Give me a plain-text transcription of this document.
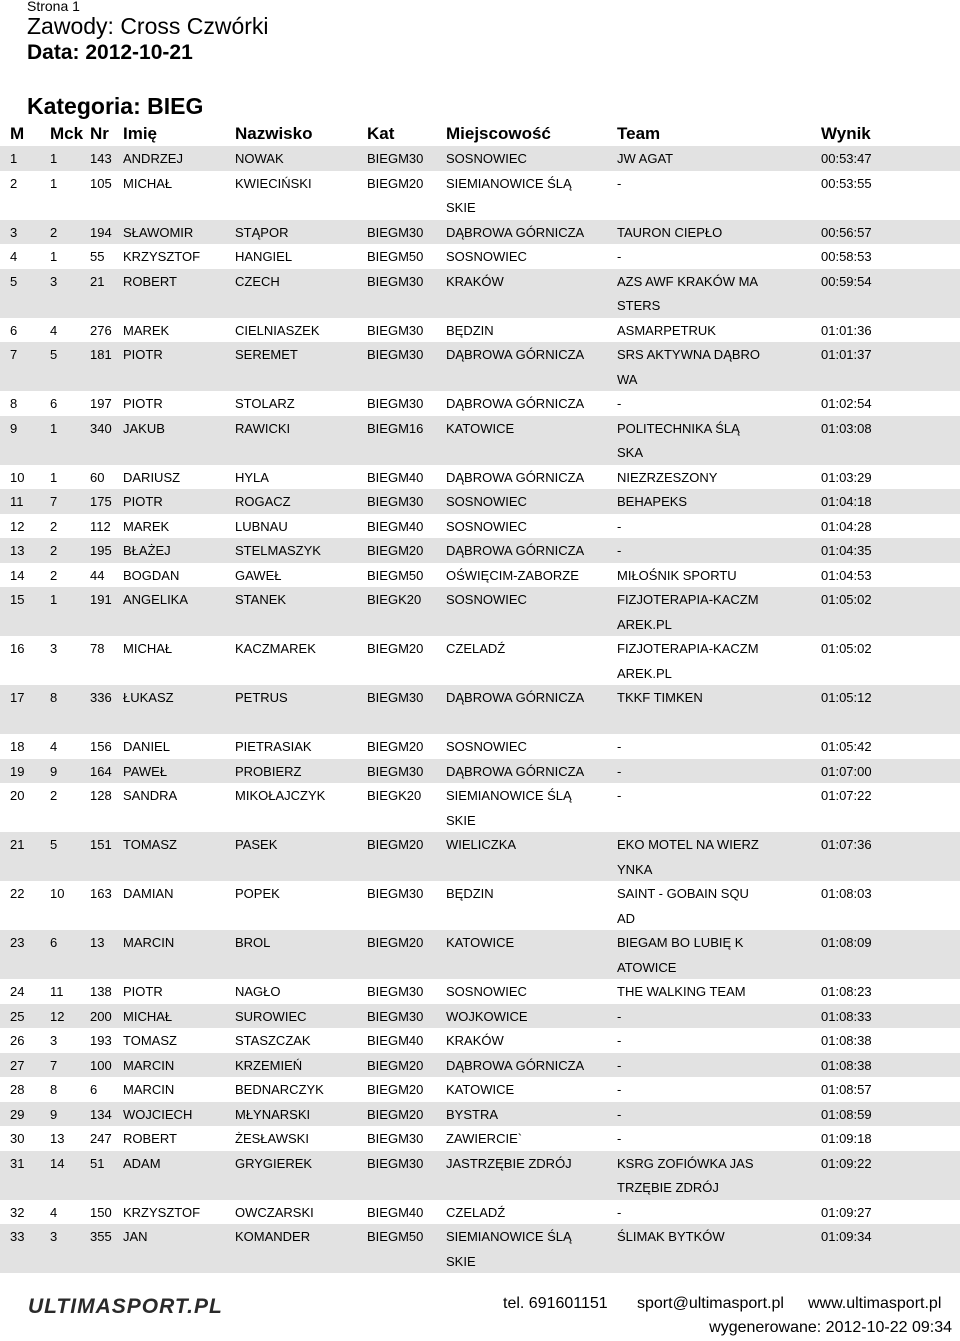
Strona 1
Zawody: Cross Czwórki
Data: 2012-10-21
Kategoria: BIEG
M Mck Nr Imię	Nazwisko	Kat	Miejscowość	Team	Wynik
1	1	143 ANDRZEJ	NOWAK	BIEGM30 SOSNOWIEC	JW AGAT	00:53:47
2	1	105 MICHAŁ	KWIECIŃSKI	BIEGM20 SIEMIANOWICE ŚLĄ	-	00:53:55
SKIE
3	2	194 SŁAWOMIR	STĄPOR	BIEGM30 DĄBROWA GÓRNICZA	TAURON CIEPŁO	00:56:57
4	1	55 KRZYSZTOF	HANGIEL	BIEGM50 SOSNOWIEC	-	00:58:53
5	3	21 ROBERT	CZECH	BIEGM30 KRAKÓW	AZS AWF KRAKÓW MA	00:59:54
STERS
6	4	276 MAREK	CIELNIASZEK	BIEGM30 BĘDZIN	ASMARPETRUK	01:01:36
7	5	181 PIOTR	SEREMET	BIEGM30 DĄBROWA GÓRNICZA	SRS AKTYWNA DĄBRO	01:01:37
WA
8	6	197 PIOTR	STOLARZ	BIEGM30 DĄBROWA GÓRNICZA	-	01:02:54
9	1	340 JAKUB	RAWICKI	BIEGM16 KATOWICE	POLITECHNIKA ŚLĄ	01:03:08
SKA
10 1	60 DARIUSZ	HYLA	BIEGM40 DĄBROWA GÓRNICZA	NIEZRZESZONY	01:03:29
11 7	175 PIOTR	ROGACZ	BIEGM30 SOSNOWIEC	BEHAPEKS	01:04:18
12 2	112 MAREK	LUBNAU	BIEGM40 SOSNOWIEC	-	01:04:28
13 2	195 BŁAŻEJ	STELMASZYK	BIEGM20 DĄBROWA GÓRNICZA	-	01:04:35
14 2	44 BOGDAN	GAWEŁ	BIEGM50 OŚWIĘCIM-ZABORZE	MIŁOŚNIK SPORTU	01:04:53
15 1	191 ANGELIKA	STANEK	BIEGK20 SOSNOWIEC	FIZJOTERAPIA-KACZM	01:05:02
AREK.PL
16 3	78 MICHAŁ	KACZMAREK	BIEGM20 CZELADŹ	FIZJOTERAPIA-KACZM	01:05:02
AREK.PL
17 8	336 ŁUKASZ	PETRUS	BIEGM30 DĄBROWA GÓRNICZA	TKKF TIMKEN	01:05:12
18 4	156 DANIEL	PIETRASIAK	BIEGM20 SOSNOWIEC	-	01:05:42
19 9	164 PAWEŁ	PROBIERZ	BIEGM30 DĄBROWA GÓRNICZA	-	01:07:00
20 2	128 SANDRA	MIKOŁAJCZYK	BIEGK20 SIEMIANOWICE ŚLĄ	-	01:07:22
SKIE
21 5	151 TOMASZ	PASEK	BIEGM20 WIELICZKA	EKO MOTEL NA WIERZ	01:07:36
YNKA
22 10 163 DAMIAN	POPEK	BIEGM30 BĘDZIN	SAINT - GOBAIN SQU	01:08:03
AD
23 6	13 MARCIN	BROL	BIEGM20 KATOWICE	BIEGAM BO LUBIĘ K	01:08:09
ATOWICE
24 11 138 PIOTR	NAGŁO	BIEGM30 SOSNOWIEC	THE WALKING TEAM	01:08:23
25 12 200 MICHAŁ	SUROWIEC	BIEGM30 WOJKOWICE	-	01:08:33
26 3	193 TOMASZ	STASZCZAK	BIEGM40 KRAKÓW	-	01:08:38
27 7	100 MARCIN	KRZEMIEŃ	BIEGM20 DĄBROWA GÓRNICZA	-	01:08:38
28 8	6 MARCIN	BEDNARCZYK	BIEGM20 KATOWICE	-	01:08:57
29 9	134 WOJCIECH	MŁYNARSKI	BIEGM20 BYSTRA	-	01:08:59
30 13 247 ROBERT	ŻESŁAWSKI	BIEGM30 ZAWIERCIE`	-	01:09:18
31 14 51 ADAM	GRYGIEREK	BIEGM30 JASTRZĘBIE ZDRÓJ	KSRG ZOFIÓWKA JAS	01:09:22
TRZĘBIE ZDRÓJ
32 4	150 KRZYSZTOF	OWCZARSKI	BIEGM40 CZELADŹ	-	01:09:27
33 3	355 JAN	KOMANDER	BIEGM50 SIEMIANOWICE ŚLĄ	ŚLIMAK BYTKÓW	01:09:34
SKIE
ULTIMASPORT.PL	tel. 691601151 sport@ultimasport.pl www.ultimasport.pl
wygenerowane: 2012-10-22 09:34
